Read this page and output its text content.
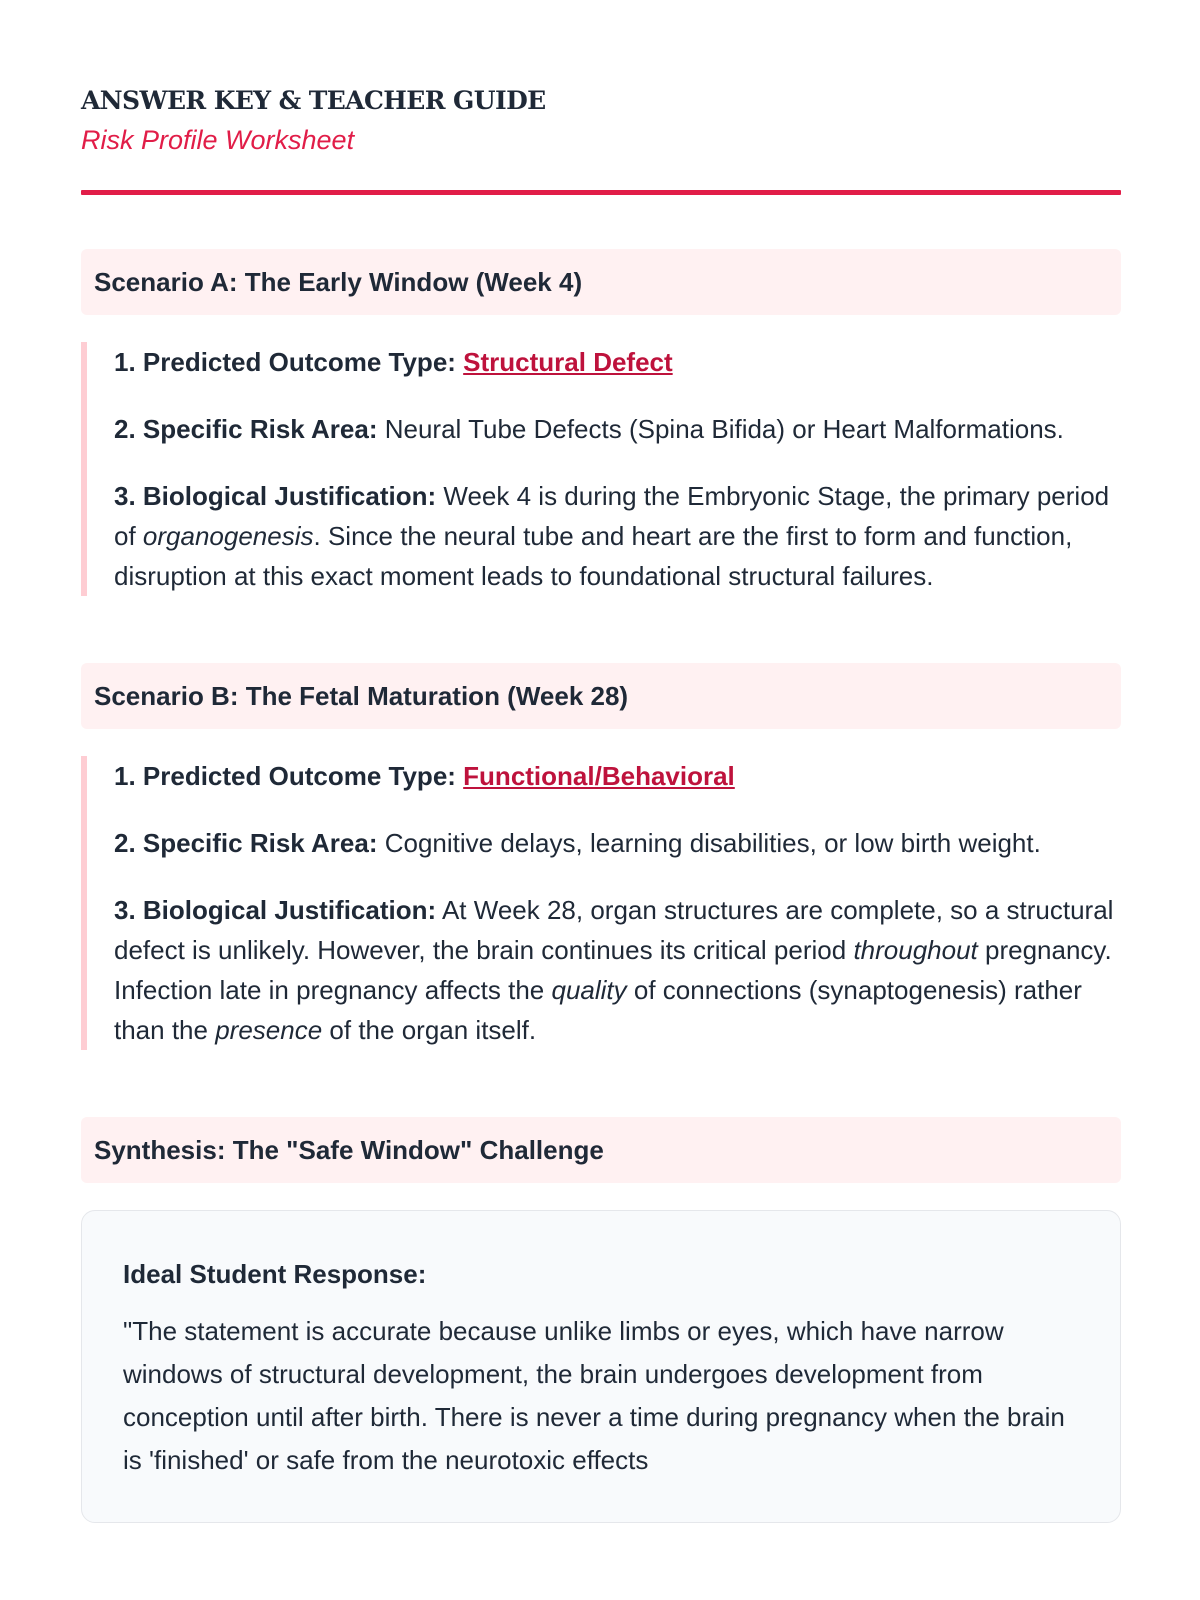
ANSWER KEY & TEACHER GUIDE
Risk Profile Worksheet
Scenario A: The Early Window (Week 4)

1. Predicted Outcome Type: Structural Defect

2. Specific Risk Area: Neural Tube Defects (Spina Bifida) or Heart Malformations.

3. Biological Justification: Week 4 is during the Embryonic Stage, the primary period of organogenesis. Since the neural tube and heart are the first to form and function, disruption at this exact moment leads to foundational structural failures.

Scenario B: The Fetal Maturation (Week 28)

1. Predicted Outcome Type: Functional/Behavioral

2. Specific Risk Area: Cognitive delays, learning disabilities, or low birth weight.

3. Biological Justification: At Week 28, organ structures are complete, so a structural defect is unlikely. However, the brain continues its critical period throughout pregnancy. Infection late in pregnancy affects the quality of connections (synaptogenesis) rather than the presence of the organ itself.

Synthesis: The "Safe Window" Challenge
Ideal Student Response:
"The statement is accurate because unlike limbs or eyes, which have narrow windows of structural development, the brain undergoes development from conception until after birth. There is never a time during pregnancy when the brain is 'finished' or safe from the neurotoxic effects
